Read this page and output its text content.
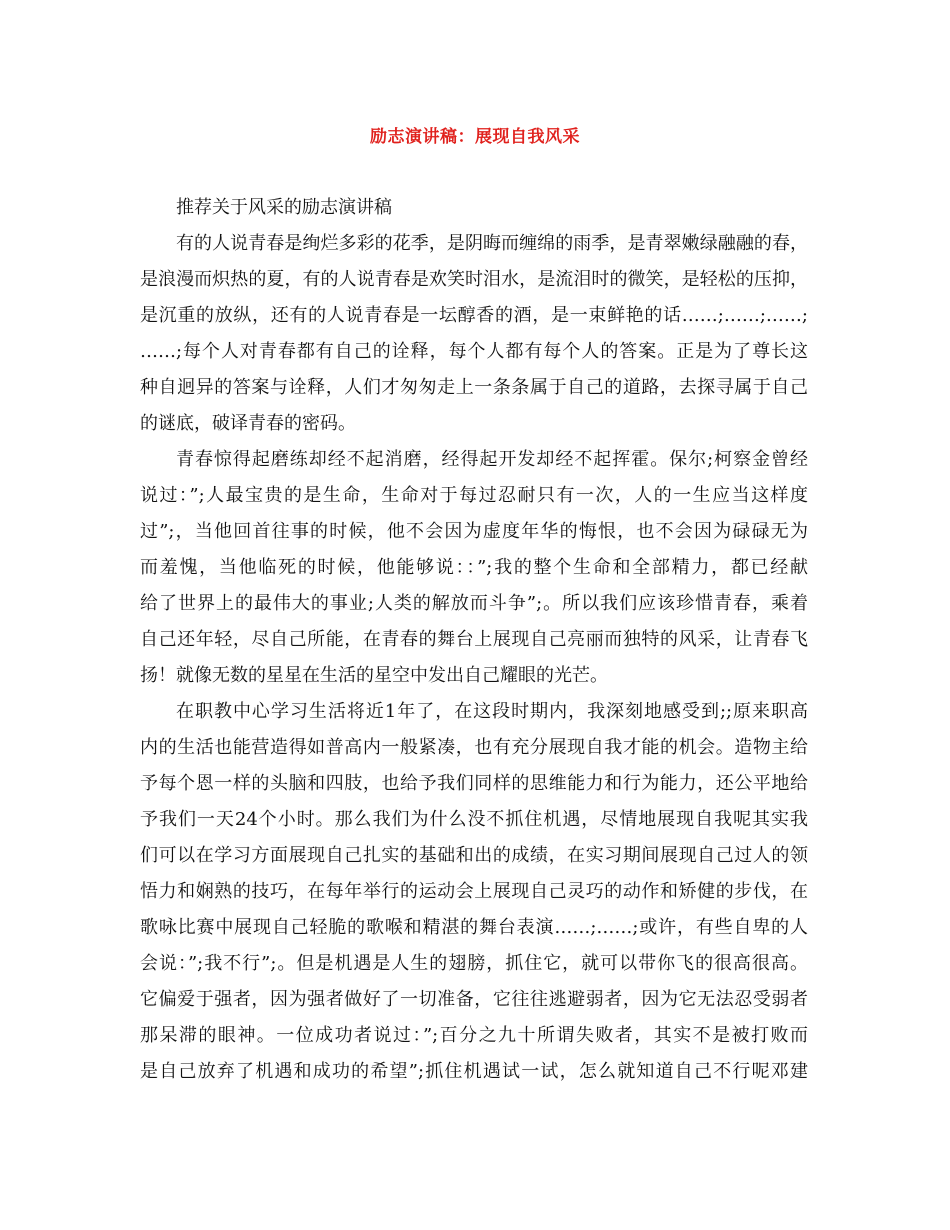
励志演讲稿：展现自我风采
推荐关于风采的励志演讲稿
有的人说青春是绚烂多彩的花季，是阴晦而缠绵的雨季，是青翠嫩绿融融的春，
是浪漫而炽热的夏，有的人说青春是欢笑时泪水，是流泪时的微笑，是轻松的压抑，
是沉重的放纵，还有的人说青春是一坛醇香的酒，是一束鲜艳的话……;……;……;
……;每个人对青春都有自己的诠释，每个人都有每个人的答案。正是为了尊长这
种自迥异的答案与诠释，人们才匆匆走上一条条属于自己的道路，去探寻属于自己
的谜底，破译青春的密码。
青春惊得起磨练却经不起消磨，经得起开发却经不起挥霍。保尔;柯察金曾经
说过：”;人最宝贵的是生命，生命对于每过忍耐只有一次，人的一生应当这样度
过”;，当他回首往事的时候，他不会因为虚度年华的悔恨，也不会因为碌碌无为
而羞愧，当他临死的时候，他能够说：：”;我的整个生命和全部精力，都已经献
给了世界上的最伟大的事业;人类的解放而斗争”;。所以我们应该珍惜青春，乘着
自己还年轻，尽自己所能，在青春的舞台上展现自己亮丽而独特的风采，让青春飞
扬！就像无数的星星在生活的星空中发出自己耀眼的光芒。
在职教中心学习生活将近1年了，在这段时期内，我深刻地感受到;;原来职高
内的生活也能营造得如普高内一般紧凑，也有充分展现自我才能的机会。造物主给
予每个恩一样的头脑和四肢，也给予我们同样的思维能力和行为能力，还公平地给
予我们一天24个小时。那么我们为什么没不抓住机遇，尽情地展现自我呢其实我
们可以在学习方面展现自己扎实的基础和出的成绩，在实习期间展现自己过人的领
悟力和娴熟的技巧，在每年举行的运动会上展现自己灵巧的动作和矫健的步伐，在
歌咏比赛中展现自己轻脆的歌喉和精湛的舞台表演……;……;或许，有些自卑的人
会说：”;我不行”;。但是机遇是人生的翅膀，抓住它，就可以带你飞的很高很高。
它偏爱于强者，因为强者做好了一切准备，它往往逃避弱者，因为它无法忍受弱者
那呆滞的眼神。一位成功者说过：”;百分之九十所谓失败者，其实不是被打败而
是自己放弃了机遇和成功的希望”;抓住机遇试一试，怎么就知道自己不行呢邓建
